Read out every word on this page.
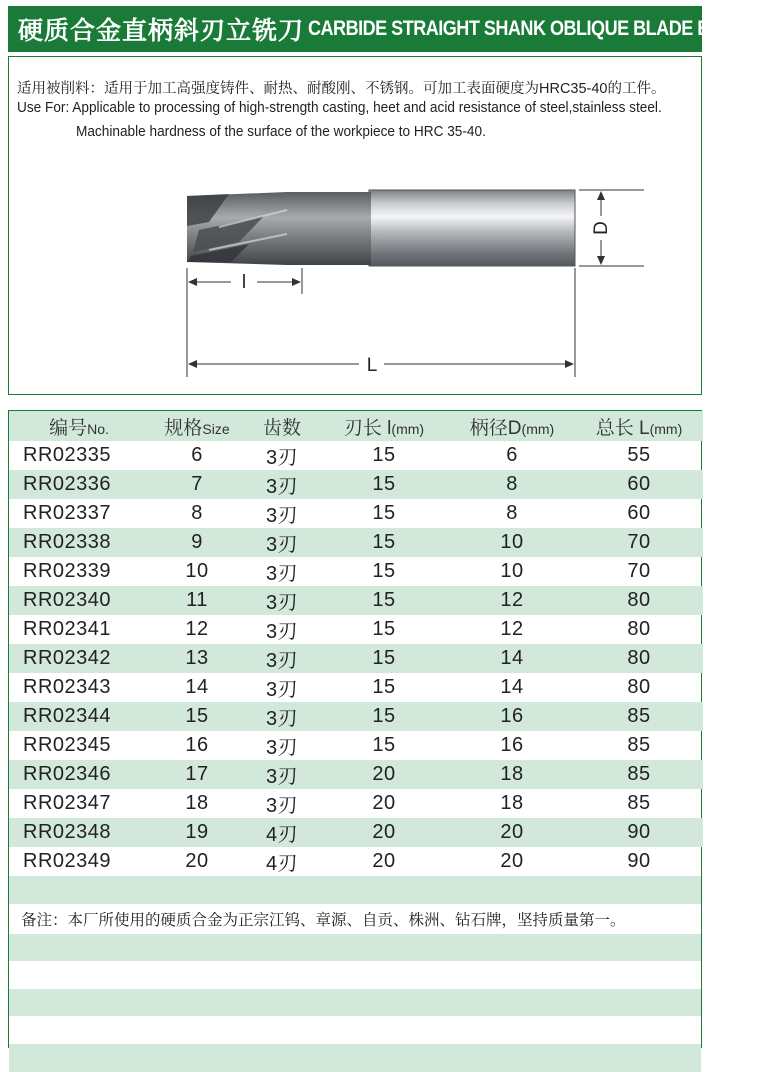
硬质合金直柄斜刃立铣刀 CARBIDE STRAIGHT SHANK OBLIQUE BLADE ENDMILL
适用被削料：适用于加工高强度铸件、耐热、耐酸刚、不锈钢。可加工表面硬度为HRC35-40的工件。
Use For: Applicable to processing of high-strength casting, heet and acid resistance of steel,stainless steel.
Machinable hardness of the surface of the workpiece to HRC 35-40.
D
l
L
编号No.	规格Size	齿数	刃长 l(mm)	柄径D(mm)	总长 L(mm)
RR02335	6	3刃	15	6	55
RR02336	7	3刃	15	8	60
RR02337	8	3刃	15	8	60
RR02338	9	3刃	15	10	70
RR02339	10	3刃	15	10	70
RR02340	11	3刃	15	12	80
RR02341	12	3刃	15	12	80
RR02342	13	3刃	15	14	80
RR02343	14	3刃	15	14	80
RR02344	15	3刃	15	16	85
RR02345	16	3刃	15	16	85
RR02346	17	3刃	20	18	85
RR02347	18	3刃	20	18	85
RR02348	19	4刃	20	20	90
RR02349	20	4刃	20	20	90
备注：本厂所使用的硬质合金为正宗江钨、章源、自贡、株洲、钻石牌，坚持质量第一。
